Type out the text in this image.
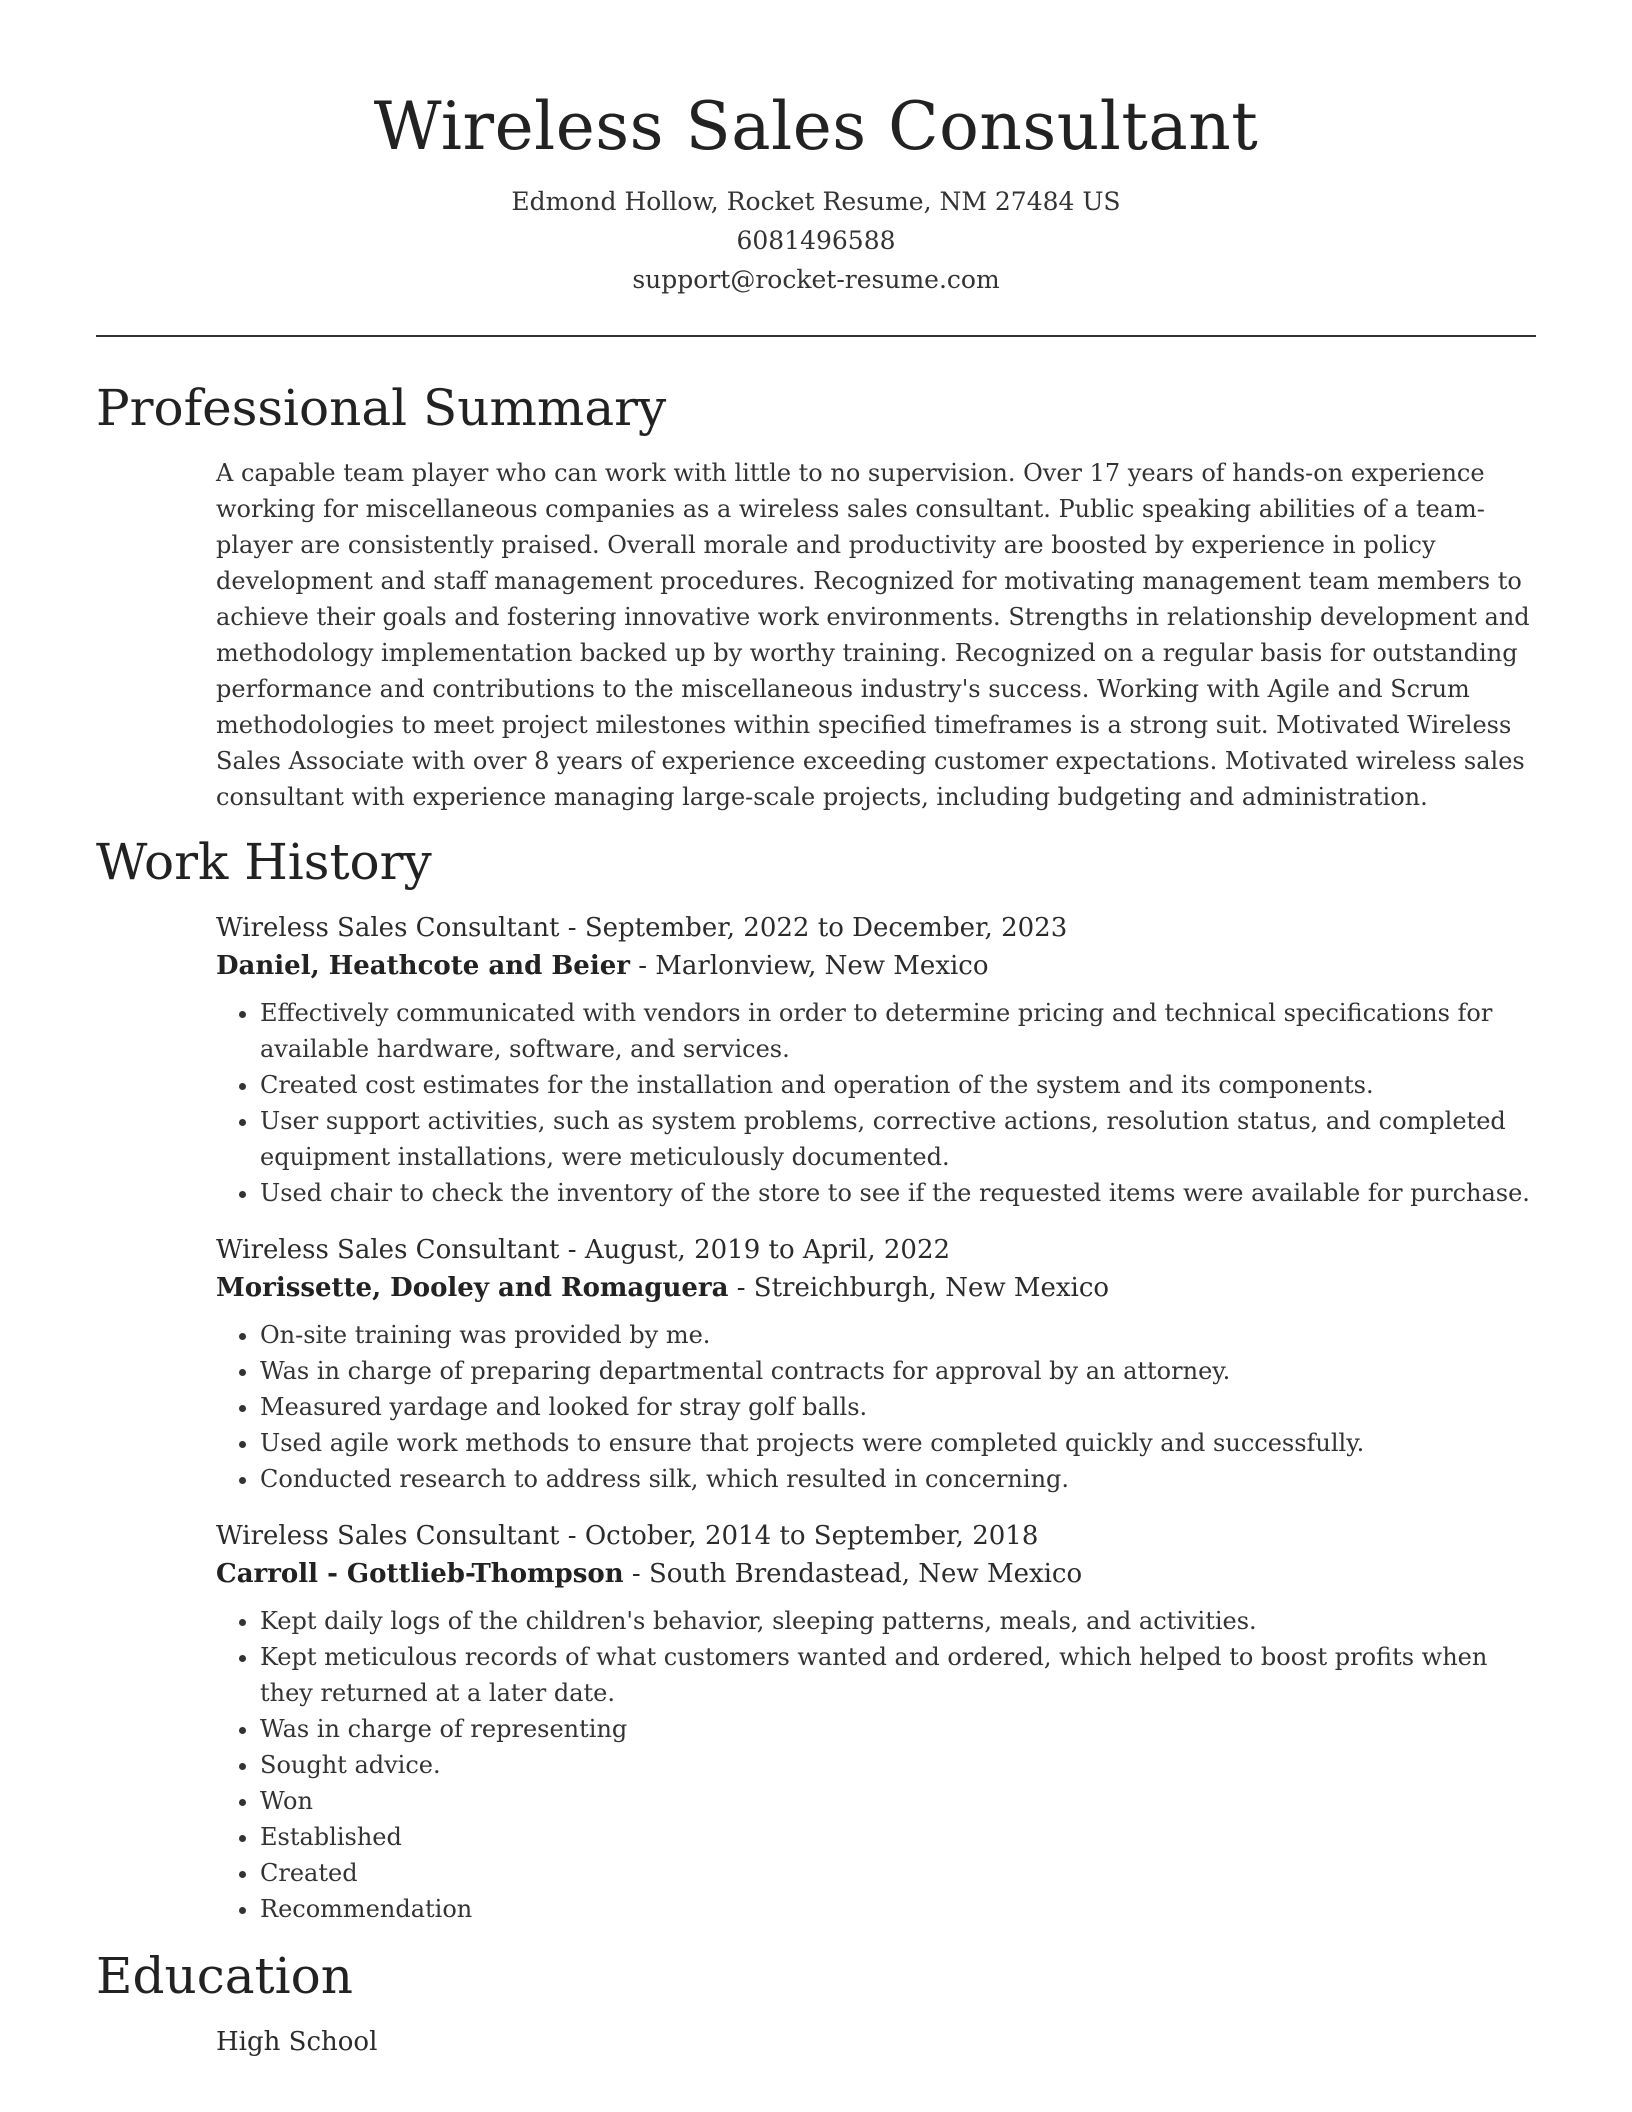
Wireless Sales Consultant
Edmond Hollow, Rocket Resume, NM 27484 US
6081496588
support@rocket-resume.com
Professional Summary
A capable team player who can work with little to no supervision. Over 17 years of hands-on experience working for miscellaneous companies as a wireless sales consultant. Public speaking abilities of a team-player are consistently praised. Overall morale and productivity are boosted by experience in policy development and staff management procedures. Recognized for motivating management team members to achieve their goals and fostering innovative work environments. Strengths in relationship development and methodology implementation backed up by worthy training. Recognized on a regular basis for outstanding performance and contributions to the miscellaneous industry's success. Working with Agile and Scrum methodologies to meet project milestones within specified timeframes is a strong suit. Motivated Wireless Sales Associate with over 8 years of experience exceeding customer expectations. Motivated wireless sales consultant with experience managing large-scale projects, including budgeting and administration.
Work History
Wireless Sales Consultant - September, 2022 to December, 2023
Daniel, Heathcote and Beier - Marlonview, New Mexico
• Effectively communicated with vendors in order to determine pricing and technical specifications for available hardware, software, and services.
• Created cost estimates for the installation and operation of the system and its components.
• User support activities, such as system problems, corrective actions, resolution status, and completed equipment installations, were meticulously documented.
• Used chair to check the inventory of the store to see if the requested items were available for purchase.
Wireless Sales Consultant - August, 2019 to April, 2022
Morissette, Dooley and Romaguera - Streichburgh, New Mexico
• On-site training was provided by me.
• Was in charge of preparing departmental contracts for approval by an attorney.
• Measured yardage and looked for stray golf balls.
• Used agile work methods to ensure that projects were completed quickly and successfully.
• Conducted research to address silk, which resulted in concerning.
Wireless Sales Consultant - October, 2014 to September, 2018
Carroll - Gottlieb-Thompson - South Brendastead, New Mexico
• Kept daily logs of the children's behavior, sleeping patterns, meals, and activities.
• Kept meticulous records of what customers wanted and ordered, which helped to boost profits when they returned at a later date.
• Was in charge of representing
• Sought advice.
• Won
• Established
• Created
• Recommendation
Education
High School
